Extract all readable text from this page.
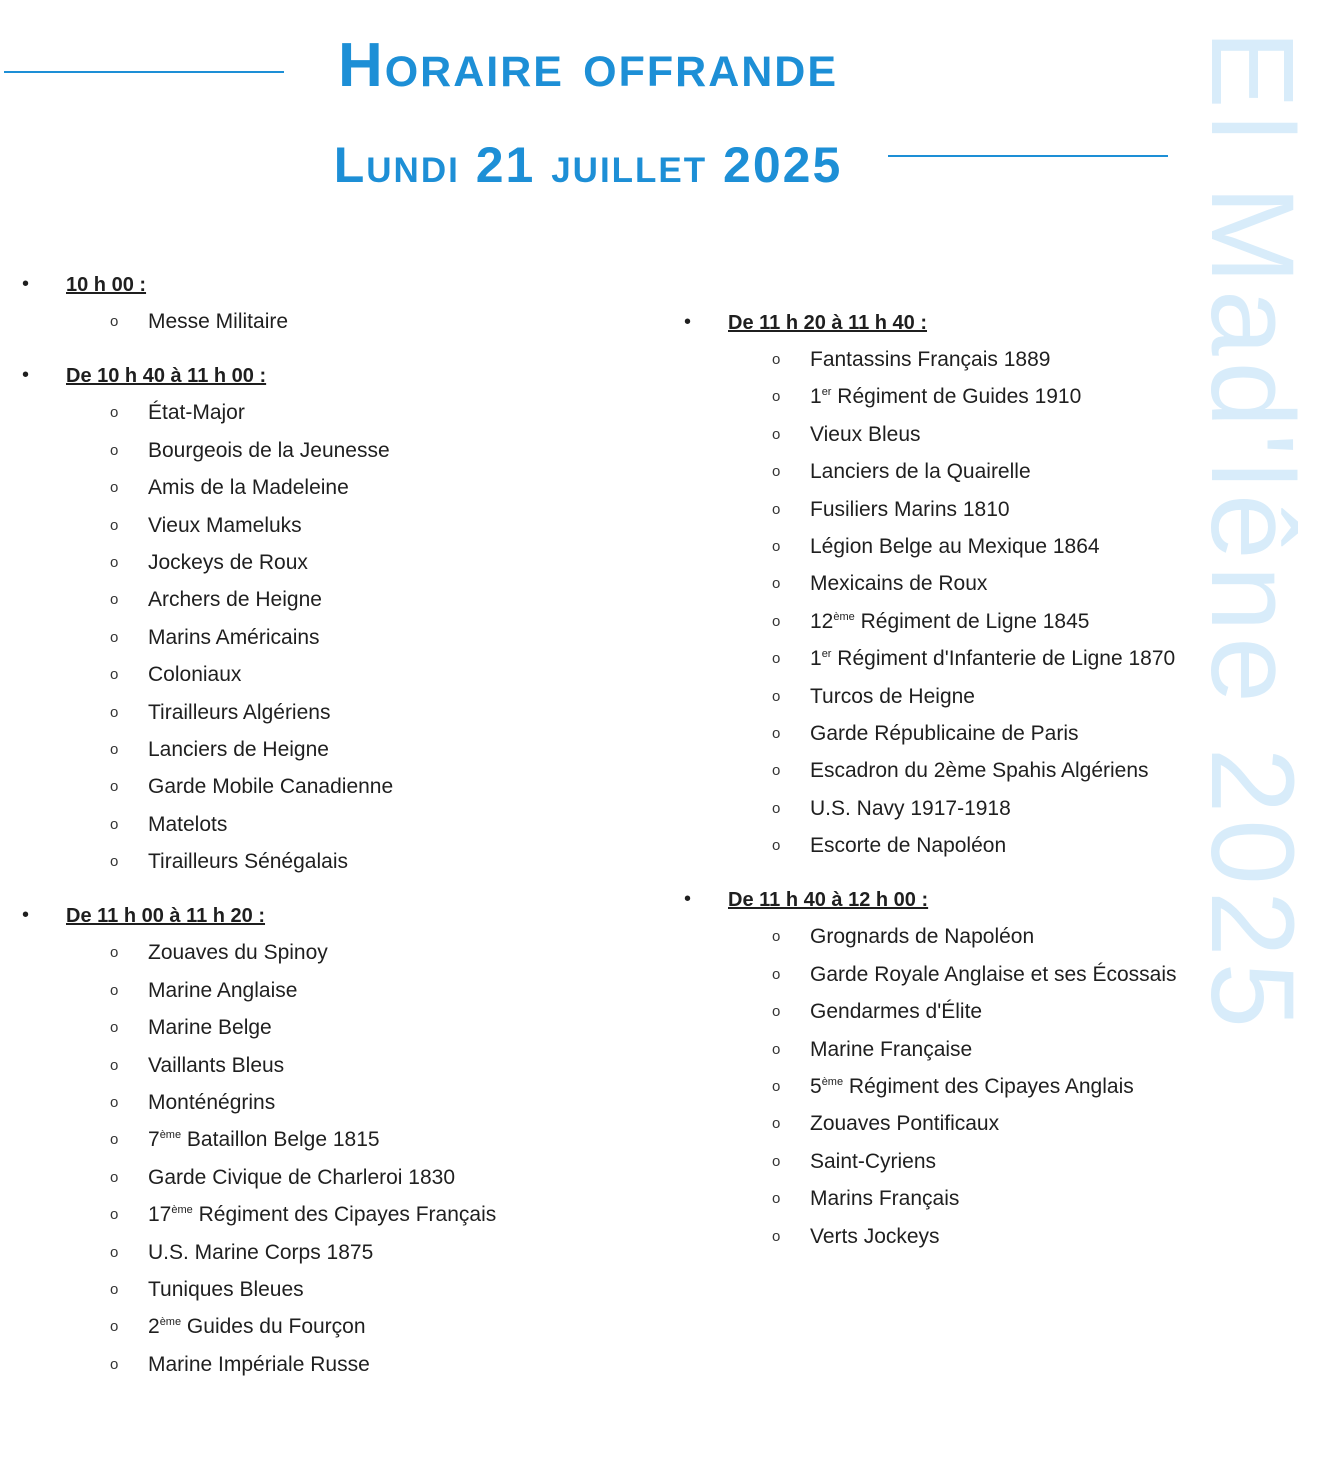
Horaire offrande
Lundi 21 juillet 2025	El Mad'lêne 2025
• 10 h 00 :
o Messe Militaire
• De 10 h 40 à 11 h 00 :
o État-Major
o Bourgeois de la Jeunesse
o Amis de la Madeleine
o Vieux Mameluks
o Jockeys de Roux
o Archers de Heigne
o Marins Américains
o Coloniaux
o Tirailleurs Algériens
o Lanciers de Heigne
o Garde Mobile Canadienne
o Matelots
o Tirailleurs Sénégalais
• De 11 h 00 à 11 h 20 :
o Zouaves du Spinoy
o Marine Anglaise
o Marine Belge
o Vaillants Bleus
o Monténégrins
o 7ème Bataillon Belge 1815
o Garde Civique de Charleroi 1830
o 17ème Régiment des Cipayes Français
o U.S. Marine Corps 1875
o Tuniques Bleues
o 2ème Guides du Fourçon
o Marine Impériale Russe
• De 11 h 20 à 11 h 40 :
o Fantassins Français 1889
o 1er Régiment de Guides 1910
o Vieux Bleus
o Lanciers de la Quairelle
o Fusiliers Marins 1810
o Légion Belge au Mexique 1864
o Mexicains de Roux
o 12ème Régiment de Ligne 1845
o 1er Régiment d'Infanterie de Ligne 1870
o Turcos de Heigne
o Garde Républicaine de Paris
o Escadron du 2ème Spahis Algériens
o U.S. Navy 1917-1918
o Escorte de Napoléon
• De 11 h 40 à 12 h 00 :
o Grognards de Napoléon
o Garde Royale Anglaise et ses Écossais
o Gendarmes d'Élite
o Marine Française
o 5ème Régiment des Cipayes Anglais
o Zouaves Pontificaux
o Saint-Cyriens
o Marins Français
o Verts Jockeys
